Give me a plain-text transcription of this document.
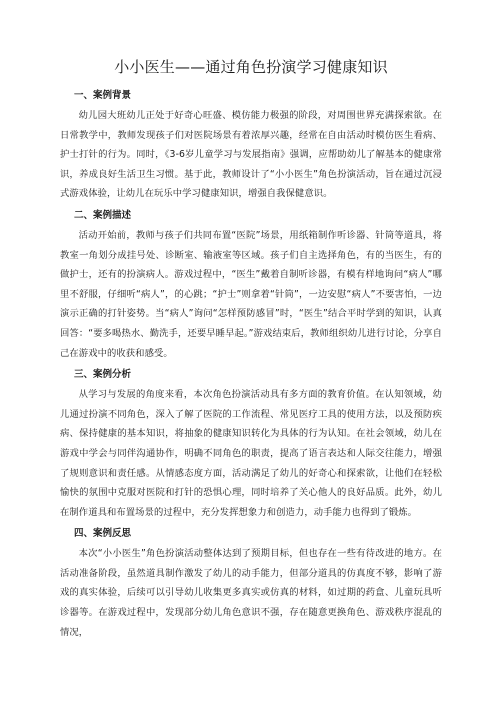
小小医生——通过角色扮演学习健康知识
一、案例背景

幼儿园大班幼儿正处于好奇心旺盛、模仿能力极强的阶段，对周围世界充满探索欲。在日常教学中，教师发现孩子们对医院场景有着浓厚兴趣，经常在自由活动时模仿医生看病、护士打针的行为。同时，《3-6岁儿童学习与发展指南》强调，应帮助幼儿了解基本的健康常识，养成良好生活卫生习惯。基于此，教师设计了“小小医生”角色扮演活动，旨在通过沉浸式游戏体验，让幼儿在玩乐中学习健康知识，增强自我保健意识。

二、案例描述

活动开始前，教师与孩子们共同布置“医院”场景，用纸箱制作听诊器、针筒等道具，将教室一角划分成挂号处、诊断室、输液室等区域。孩子们自主选择角色，有的当医生，有的做护士，还有的扮演病人。游戏过程中，“医生”戴着自制听诊器，有模有样地询问“病人”哪里不舒服，仔细听“病人”，的心跳；“护士”则拿着“针筒”，一边安慰“病人”不要害怕，一边演示正确的打针姿势。当“病人”询问“怎样预防感冒”时，“医生”结合平时学到的知识，认真回答：“要多喝热水、勤洗手，还要早睡早起。”游戏结束后，教师组织幼儿进行讨论，分享自己在游戏中的收获和感受。

三、案例分析

从学习与发展的角度来看，本次角色扮演活动具有多方面的教育价值。在认知领域，幼儿通过扮演不同角色，深入了解了医院的工作流程、常见医疗工具的使用方法，以及预防疾病、保持健康的基本知识，将抽象的健康知识转化为具体的行为认知。在社会领域，幼儿在游戏中学会与同伴沟通协作，明确不同角色的职责，提高了语言表达和人际交往能力，增强了规则意识和责任感。从情感态度方面，活动满足了幼儿的好奇心和探索欲，让他们在轻松愉快的氛围中克服对医院和打针的恐惧心理，同时培养了关心他人的良好品质。此外，幼儿在制作道具和布置场景的过程中，充分发挥想象力和创造力，动手能力也得到了锻炼。

四、案例反思

本次“小小医生”角色扮演活动整体达到了预期目标，但也存在一些有待改进的地方。在活动准备阶段，虽然道具制作激发了幼儿的动手能力，但部分道具的仿真度不够，影响了游戏的真实体验，后续可以引导幼儿收集更多真实或仿真的材料，如过期的药盒、儿童玩具听诊器等。在游戏过程中，发现部分幼儿角色意识不强，存在随意更换角色、游戏秩序混乱的情况，
